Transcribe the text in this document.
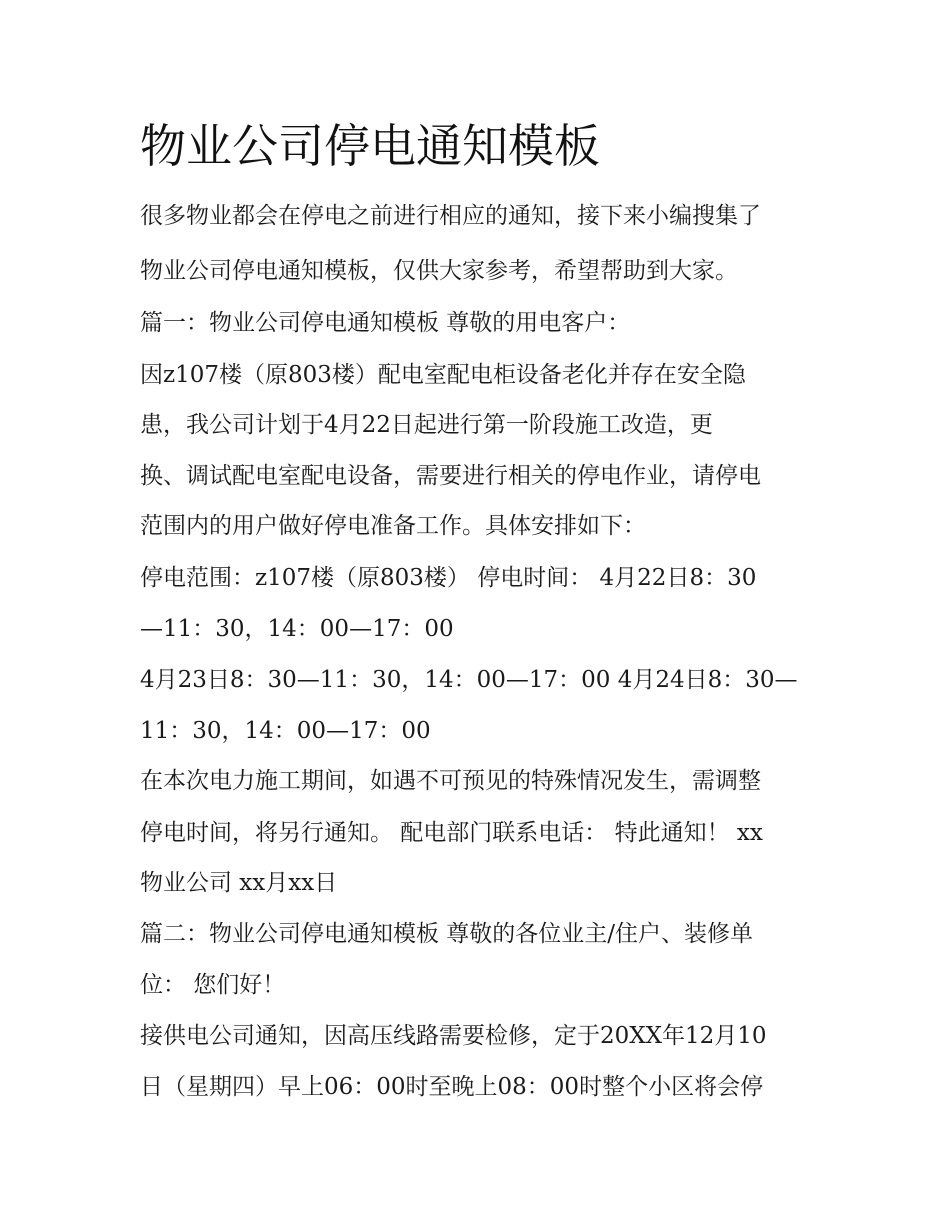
物业公司停电通知模板

很多物业都会在停电之前进行相应的通知，接下来小编搜集了

物业公司停电通知模板，仅供大家参考，希望帮助到大家。

篇一：物业公司停电通知模板 尊敬的用电客户：

因z107楼（原803楼）配电室配电柜设备老化并存在安全隐

患，我公司计划于4月22日起进行第一阶段施工改造，更

换、调试配电室配电设备，需要进行相关的停电作业，请停电

范围内的用户做好停电准备工作。具体安排如下：

停电范围：z107楼（原803楼） 停电时间： 4月22日8：30

—11：30，14：00—17：00

4月23日8：30—11：30，14：00—17：00 4月24日8：30—

11：30，14：00—17：00

在本次电力施工期间，如遇不可预见的特殊情况发生，需调整

停电时间，将另行通知。 配电部门联系电话： 特此通知！ xx

物业公司 xx月xx日

篇二：物业公司停电通知模板 尊敬的各位业主/住户、装修单

位： 您们好！

接供电公司通知，因高压线路需要检修，定于20XX年12月10

日（星期四）早上06：00时至晚上08：00时整个小区将会停
